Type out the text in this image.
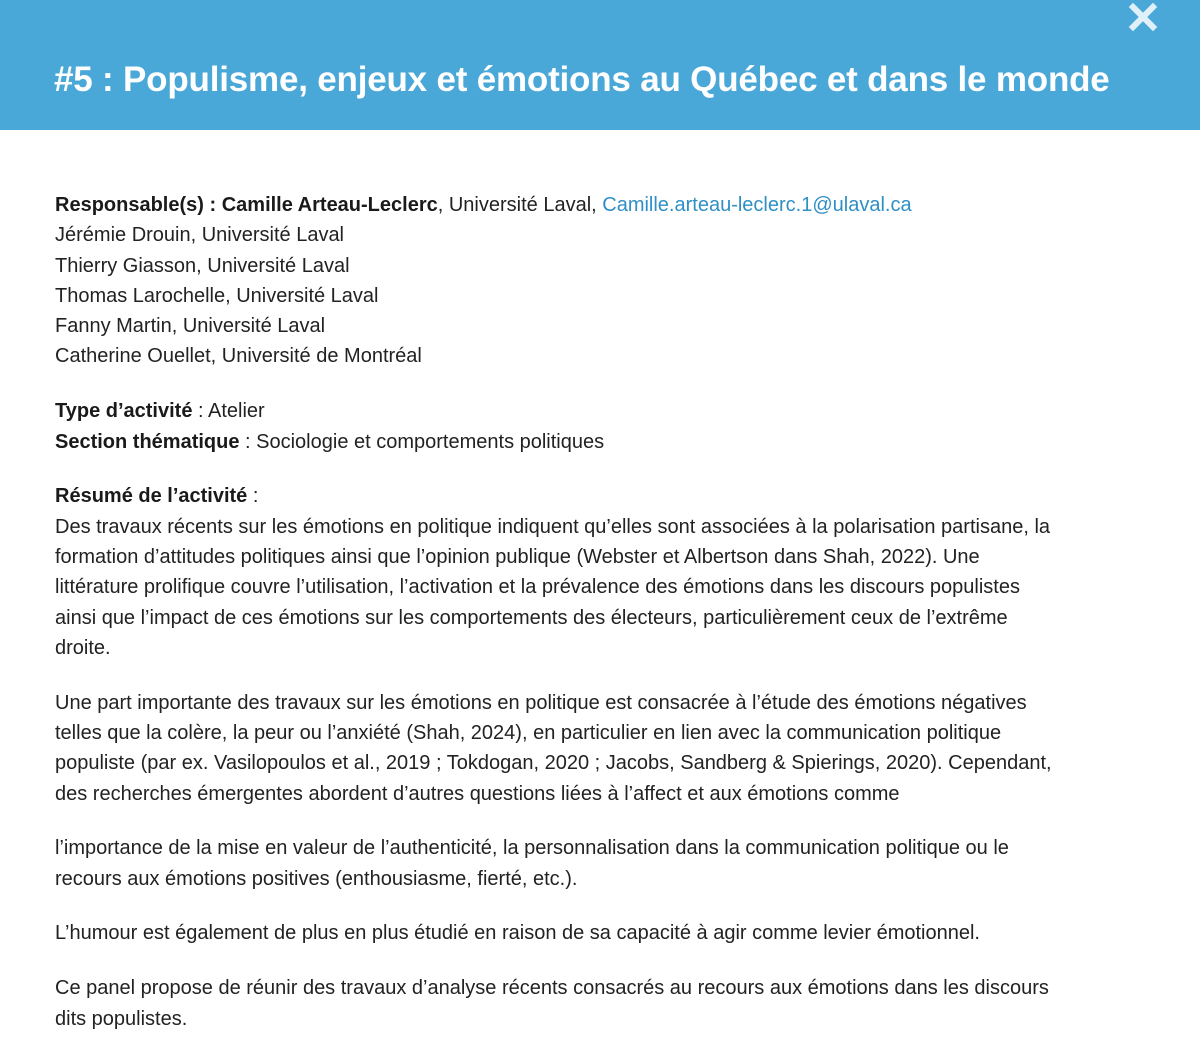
#5 : Populisme, enjeux et émotions au Québec et dans le monde

Responsable(s) : Camille Arteau-Leclerc, Université Laval, Camille.arteau-leclerc.1@ulaval.ca
Jérémie Drouin, Université Laval
Thierry Giasson, Université Laval
Thomas Larochelle, Université Laval
Fanny Martin, Université Laval
Catherine Ouellet, Université de Montréal

Type d’activité : Atelier
Section thématique : Sociologie et comportements politiques

Résumé de l’activité :
Des travaux récents sur les émotions en politique indiquent qu’elles sont associées à la polarisation partisane, la
formation d’attitudes politiques ainsi que l’opinion publique (Webster et Albertson dans Shah, 2022). Une
littérature prolifique couvre l’utilisation, l’activation et la prévalence des émotions dans les discours populistes
ainsi que l’impact de ces émotions sur les comportements des électeurs, particulièrement ceux de l’extrême
droite.

Une part importante des travaux sur les émotions en politique est consacrée à l’étude des émotions négatives
telles que la colère, la peur ou l’anxiété (Shah, 2024), en particulier en lien avec la communication politique
populiste (par ex. Vasilopoulos et al., 2019 ; Tokdogan, 2020 ; Jacobs, Sandberg & Spierings, 2020). Cependant,
des recherches émergentes abordent d’autres questions liées à l’affect et aux émotions comme

l’importance de la mise en valeur de l’authenticité, la personnalisation dans la communication politique ou le
recours aux émotions positives (enthousiasme, fierté, etc.).

L’humour est également de plus en plus étudié en raison de sa capacité à agir comme levier émotionnel.

Ce panel propose de réunir des travaux d’analyse récents consacrés au recours aux émotions dans les discours
dits populistes.
